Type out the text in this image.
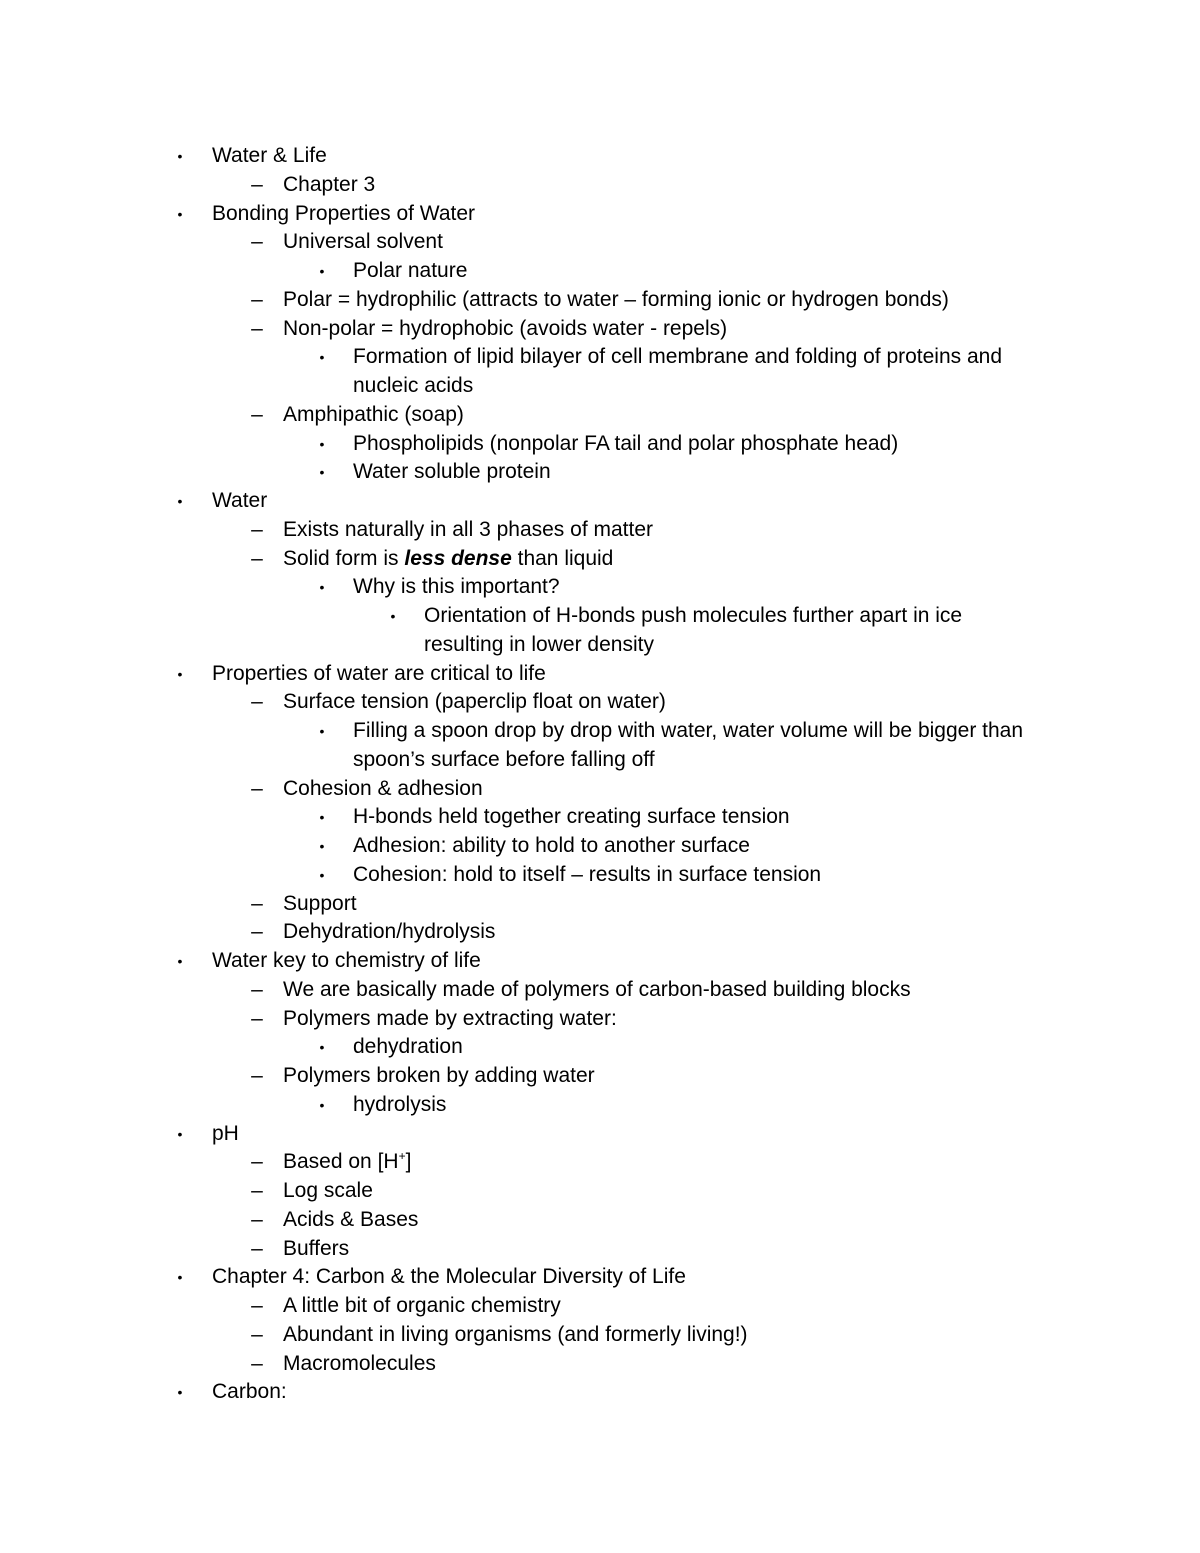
•	Water & Life
– Chapter 3
•	Bonding Properties of Water
– Universal solvent
•	Polar nature
– Polar = hydrophilic (attracts to water – forming ionic or hydrogen bonds)
– Non-polar = hydrophobic (avoids water - repels)
•	Formation of lipid bilayer of cell membrane and folding of proteins and
nucleic acids
– Amphipathic (soap)
•	Phospholipids (nonpolar FA tail and polar phosphate head)
•	Water soluble protein
•	Water
– Exists naturally in all 3 phases of matter
– Solid form is less dense than liquid
•	Why is this important?
•	Orientation of H-bonds push molecules further apart in ice
resulting in lower density
•	Properties of water are critical to life
– Surface tension (paperclip float on water)
•	Filling a spoon drop by drop with water, water volume will be bigger than
spoon’s surface before falling off
– Cohesion & adhesion
•	H-bonds held together creating surface tension
•	Adhesion: ability to hold to another surface
•	Cohesion: hold to itself – results in surface tension
– Support
– Dehydration/hydrolysis
•	Water key to chemistry of life
– We are basically made of polymers of carbon-based building blocks
– Polymers made by extracting water:
•	dehydration
– Polymers broken by adding water
•	hydrolysis
•	pH
– Based on [H+]
– Log scale
– Acids & Bases
– Buffers
•	Chapter 4: Carbon & the Molecular Diversity of Life
– A little bit of organic chemistry
– Abundant in living organisms (and formerly living!)
– Macromolecules
•	Carbon:
